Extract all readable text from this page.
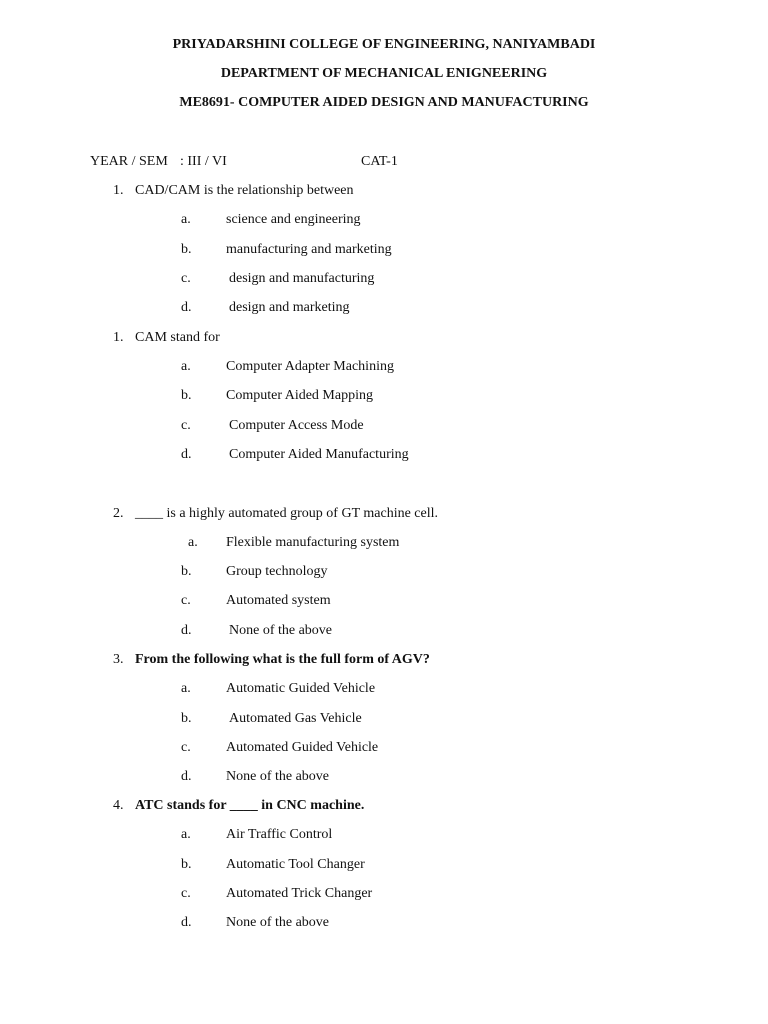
PRIYADARSHINI COLLEGE OF ENGINEERING, NANIYAMBADI
DEPARTMENT OF MECHANICAL ENIGNEERING
ME8691- COMPUTER AIDED DESIGN AND MANUFACTURING
YEAR / SEM : III / VI	CAT-1
1. CAD/CAM is the relationship between
a.	science and engineering
b. manufacturing and marketing
c.	design and manufacturing
d.	design and marketing
1. CAM stand for
a.	Computer Adapter Machining
b. Computer Aided Mapping
c.	Computer Access Mode
d.	Computer Aided Manufacturing
2. ____ is a highly automated group of GT machine cell.
a. Flexible manufacturing system
b. Group technology
c.	Automated system
d.	None of the above
3. From the following what is the full form of AGV?
a.	Automatic Guided Vehicle
b.	Automated Gas Vehicle
c.	Automated Guided Vehicle
d. None of the above
4. ATC stands for ____ in CNC machine.
a.	Air Traffic Control
b. Automatic Tool Changer
c.	Automated Trick Changer
d. None of the above
